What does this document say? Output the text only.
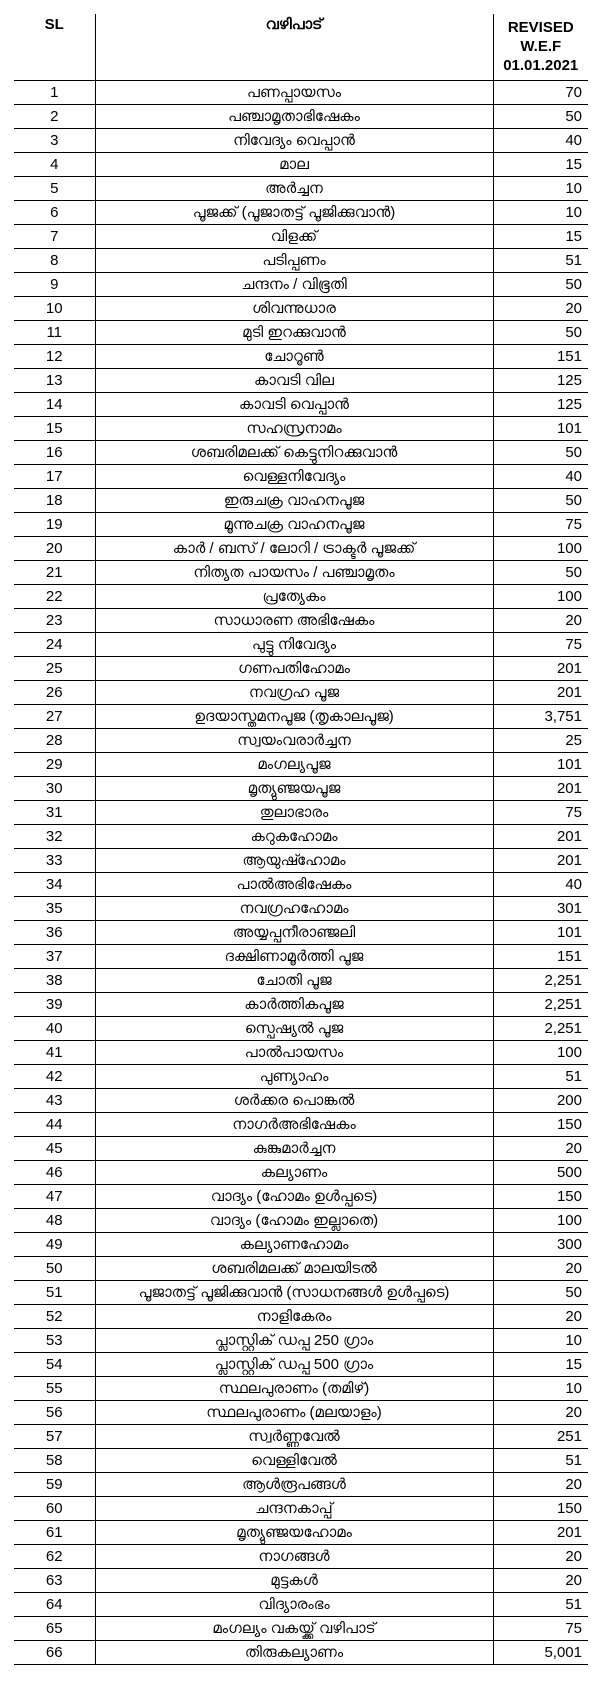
SL	വഴിപാട്	REVISED
W.E.F
01.01.2021

1	പണപ്പായസം	70
2	പഞ്ചാമൃതാഭിഷേകം	50
3	നിവേദ്യം വെപ്പാൻ	40
4	മാല	15
5	അർച്ചന	10
6	പൂജക്ക് (പൂജാതട്ട് പൂജിക്കുവാൻ)	10
7	വിളക്ക്	15
8	പടിപ്പണം	51
9	ചന്ദനം / വിഭൂതി	50
10	ശിവന്നുധാര	20
11	മുടി ഇറക്കുവാൻ	50
12	ചോറൂൺ	151
13	കാവടി വില	125
14	കാവടി വെപ്പാൻ	125
15	സഹസ്രനാമം	101
16	ശബരിമലക്ക് കെട്ടുനിറക്കുവാൻ	50
17	വെള്ളനിവേദ്യം	40
18	ഇരുചക്ര വാഹനപൂജ	50
19	മൂന്നുചക്ര വാഹനപൂജ	75
20	കാർ / ബസ് / ലോറി / ട്രാക്ടർ പൂജക്ക്	100
21	നിത്യത പായസം / പഞ്ചാമൃതം	50
22	പ്രത്യേകം	100
23	സാധാരണ അഭിഷേകം	20
24	പുട്ടു നിവേദ്യം	75
25	ഗണപതിഹോമം	201
26	നവഗ്രഹ പൂജ	201
27	ഉദയാസ്തമനപൂജ (തൃകാലപൂജ)	3,751
28	സ്വയംവരാർച്ചന	25
29	മംഗല്യപൂജ	101
30	മൃത്യുഞ്ജയപൂജ	201
31	തുലാഭാരം	75
32	കറുകഹോമം	201
33	ആയുഷ്ഹോമം	201
34	പാൽഅഭിഷേകം	40
35	നവഗ്രഹഹോമം	301
36	അയ്യപ്പനീരാഞ്ജലി	101
37	ദക്ഷിണാമൂർത്തി പൂജ	151
38	ചോതി പൂജ	2,251
39	കാർത്തികപൂജ	2,251
40	സ്പെഷ്യൽ പൂജ	2,251
41	പാൽപായസം	100
42	പുണ്യാഹം	51
43	ശർക്കര പൊങ്കൽ	200
44	നാഗർഅഭിഷേകം	150
45	കുങ്കുമാർച്ചന	20
46	കല്യാണം	500
47	വാദ്യം (ഹോമം ഉൾപ്പടെ)	150
48	വാദ്യം (ഹോമം ഇല്ലാതെ)	100
49	കല്യാണഹോമം	300
50	ശബരിമലക്ക് മാലയിടൽ	20
51	പൂജാതട്ട് പൂജിക്കുവാൻ (സാധനങ്ങൾ ഉൾപ്പടെ)	50
52	നാളികേരം	20
53	പ്ലാസ്റ്റിക് ഡപ്പ 250 ഗ്രാം	10
54	പ്ലാസ്റ്റിക് ഡപ്പ 500 ഗ്രാം	15
55	സ്ഥലപുരാണം (തമിഴ്)	10
56	സ്ഥലപുരാണം (മലയാളം)	20
57	സ്വർണ്ണവേൽ	251
58	വെള്ളിവേൽ	51
59	ആൾരൂപങ്ങൾ	20
60	ചന്ദനകാപ്പ്	150
61	മൃത്യുഞ്ജയഹോമം	201
62	നാഗങ്ങൾ	20
63	മുട്ടകൾ	20
64	വിദ്യാരംഭം	51
65	മംഗല്യം വകയ്ക്ക് വഴിപാട്	75
66	തിരുകല്യാണം	5,001
